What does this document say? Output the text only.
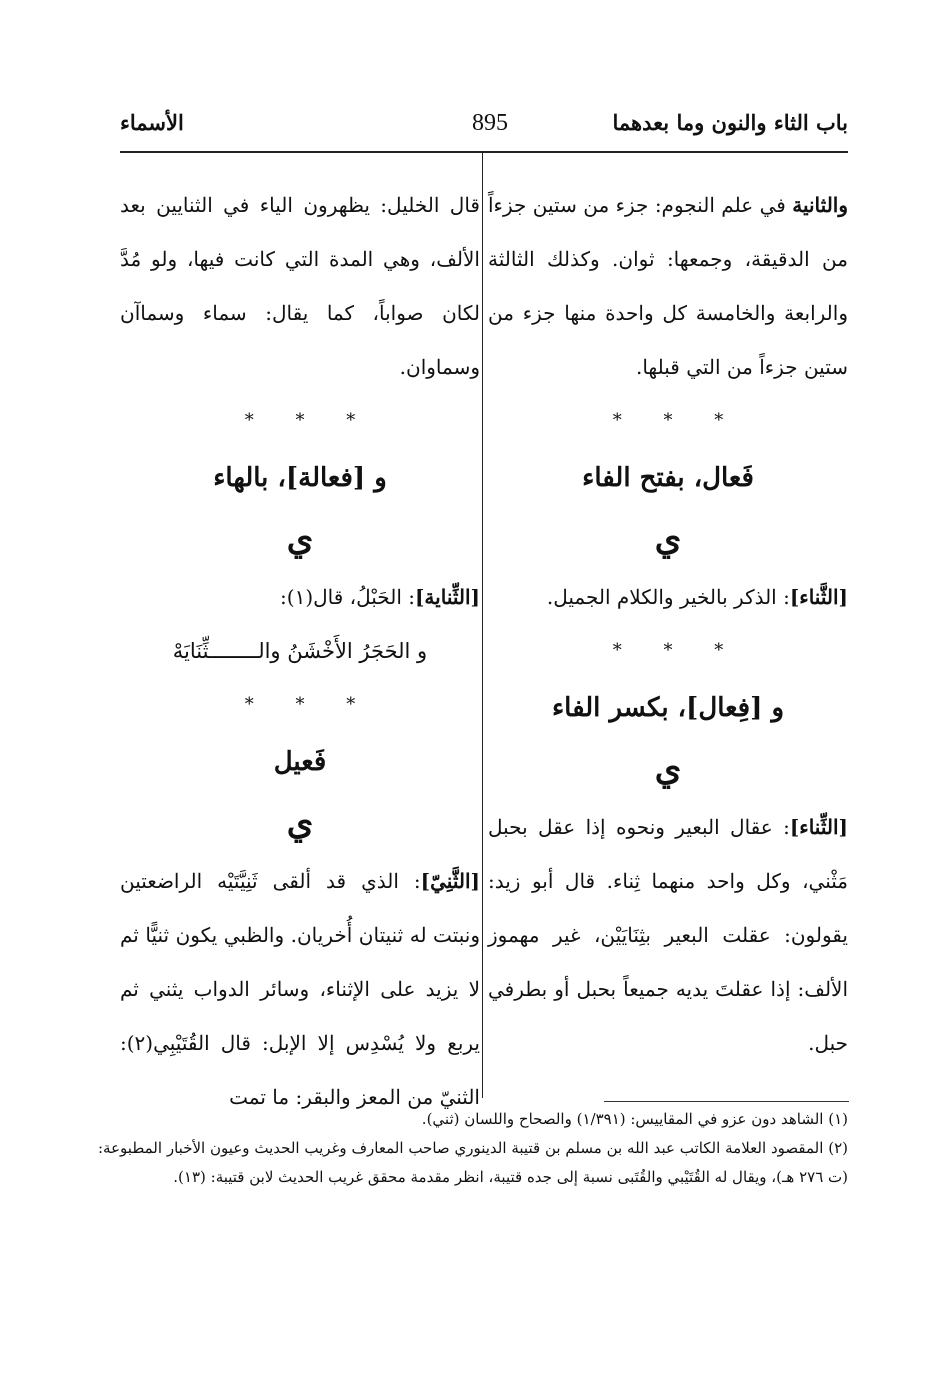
باب الثاء والنون وما بعدهما
895
الأسماء

والثانية في علم النجوم: جزء من ستين جزءاً من الدقيقة، وجمعها: ثوان. وكذلك الثالثة والرابعة والخامسة كل واحدة منها جزء من ستين جزءاً من التي قبلها.

* * *
فَعال، بفتح الفاء
ي

[الثَّناء]: الذكر بالخير والكلام الجميل.

* * *
و [فِعال]، بكسر الفاء
ي

[الثِّناء]: عقال البعير ونحوه إذا عقل بحبل مَثْني، وكل واحد منهما ثِناء. قال أبو زيد: يقولون: عقلت البعير بثِنَايَيْن، غير مهموز الألف: إذا عقلتَ يديه جميعاً بحبل أو بطرفي حبل.

قال الخليل: يظهرون الياء في الثنايين بعد الألف، وهي المدة التي كانت فيها، ولو مُدَّ لكان صواباً، كما يقال: سماء وسماآن وسماوان.

* * *
و [فعالة]، بالهاء
ي

[الثِّناية]: الحَبْلُ، قال(١):

و الحَجَرُ الأَخْشَنُ والــــــــثِّنَايَهْ
* * *
فَعيل
ي

[الثَّنِيّ]: الذي قد ألقى ثَنِيَّتَيْه الراضعتين ونبتت له ثنيتان أُخريان. والظبي يكون ثنيًّا ثم لا يزيد على الإثناء، وسائر الدواب يثني ثم يربع ولا يُسْدِس إلا الإبل: قال القُتَيْبِي(٢): الثنيّ من المعز والبقر: ما تمت

(١) الشاهد دون عزو في المقاييس: (١/٣٩١) والصحاح واللسان (ثني).

(٢) المقصود العلامة الكاتب عبد الله بن مسلم بن قتيبة الدينوري صاحب المعارف وغريب الحديث وعيون الأخبار المطبوعة: (ت ٢٧٦ هـ)، ويقال له القُتَيْبي والقُتَبى نسبة إلى جده قتيبة، انظر مقدمة محقق غريب الحديث لابن قتيبة: (١٣).
